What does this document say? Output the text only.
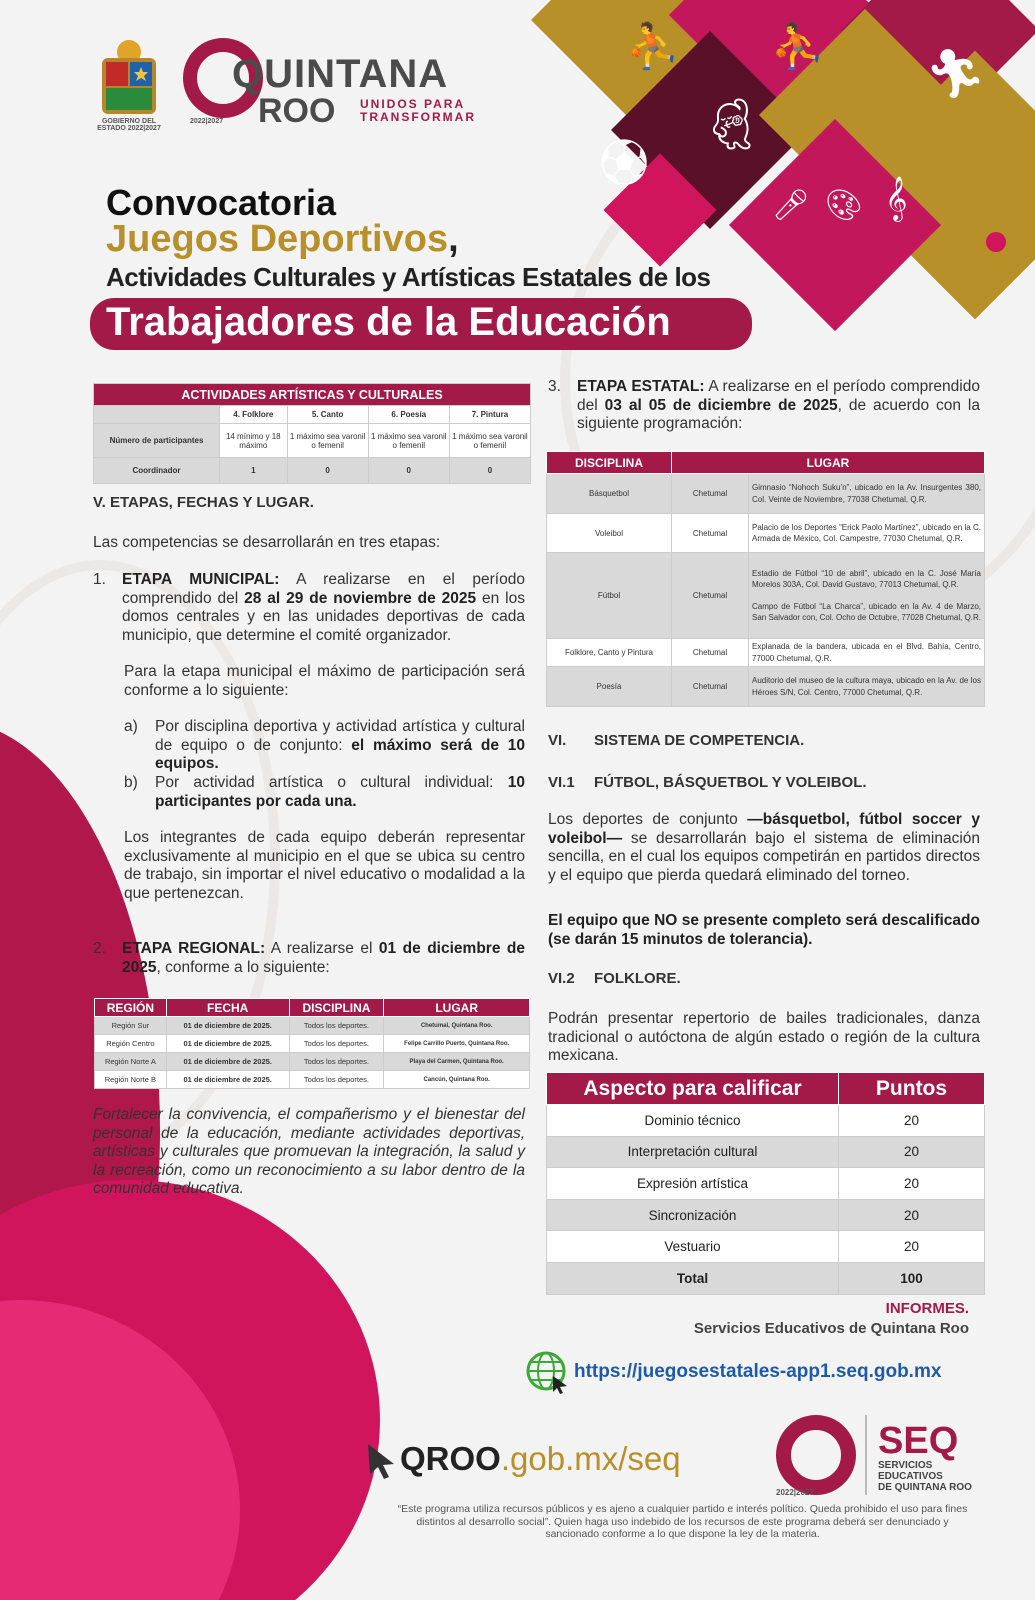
GOBIERNO DEL ESTADO 2022|2027
QUINTANA
ROO UNIDOS PARA TRANSFORMAR
2022|2027
⛹ ⛹
🏃︎
⚽︎
💃︎
🎤︎ 🎨︎ 𝄞
Convocatoria
Juegos Deportivos,
Actividades Culturales y Artísticas Estatales de los
Trabajadores de la Educación
ACTIVIDADES ARTÍSTICAS Y CULTURALES				
	4. Folklore	5. Canto	6. Poesía	7. Pintura
Número de participantes	14 mínimo y 18 máximo	1 máximo sea varonil o femenil	1 máximo sea varonil o femenil	1 máximo sea varonil o femenil
Coordinador	1	0	0	0
V. ETAPAS, FECHAS Y LUGAR.
Las competencias se desarrollarán en tres etapas:
1. ETAPA MUNICIPAL: A realizarse en el período comprendido del 28 al 29 de noviembre de 2025 en los domos centrales y en las unidades deportivas de cada municipio, que determine el comité organizador.
Para la etapa municipal el máximo de participación será conforme a lo siguiente:
a) Por disciplina deportiva y actividad artística y cultural de equipo o de conjunto: el máximo será de 10 equipos.
b) Por actividad artística o cultural individual: 10 participantes por cada una.
Los integrantes de cada equipo deberán representar exclusivamente al municipio en el que se ubica su centro de trabajo, sin importar el nivel educativo o modalidad a la que pertenezcan.
2. ETAPA REGIONAL: A realizarse el 01 de diciembre de 2025, conforme a lo siguiente:
REGIÓN	FECHA	DISCIPLINA	LUGAR
Región Sur	01 de diciembre de 2025.	Todos los deportes.	Chetumal, Quintana Roo.
Región Centro	01 de diciembre de 2025.	Todos los deportes.	Felipe Carrillo Puerto, Quintana Roo.
Región Norte A	01 de diciembre de 2025.	Todos los deportes.	Playa del Carmen, Quintana Roo.
Región Norte B	01 de diciembre de 2025.	Todos los deportes.	Cancún, Quintana Roo.
Fortalecer la convivencia, el compañerismo y el bienestar del personal de la educación, mediante actividades deportivas, artísticas y culturales que promuevan la integración, la salud y la recreación, como un reconocimiento a su labor dentro de la comunidad educativa.
3. ETAPA ESTATAL: A realizarse en el período comprendido del 03 al 05 de diciembre de 2025, de acuerdo con la siguiente programación:
DISCIPLINA	LUGAR	
Básquetbol	Chetumal	Gimnasio “Nohoch Suku’n”, ubicado en la Av. Insurgentes 380, Col. Veinte de Noviembre, 77038 Chetumal, Q.R.
Voleibol	Chetumal	Palacio de los Deportes “Erick Paolo Martínez”, ubicado en la C. Armada de México, Col. Campestre, 77030 Chetumal, Q.R.
Fútbol	Chetumal	Estadio de Fútbol “10 de abril”, ubicado en la C. José María Morelos 303A, Col. David Gustavo, 77013 Chetumal, Q.R.
Campo de Fútbol “La Charca”, ubicado en la Av. 4 de Marzo, San Salvador con, Col. Ocho de Octubre, 77028 Chetumal, Q.R.

Folklore, Canto y Pintura	Chetumal	Explanada de la bandera, ubicada en el Blvd. Bahía, Centro, 77000 Chetumal, Q.R.
Poesía	Chetumal	Auditorio del museo de la cultura maya, ubicado en la Av. de los Héroes S/N, Col. Centro, 77000 Chetumal, Q.R.
VI. SISTEMA DE COMPETENCIA.
VI.1 FÚTBOL, BÁSQUETBOL Y VOLEIBOL.
Los deportes de conjunto —básquetbol, fútbol soccer y voleibol— se desarrollarán bajo el sistema de eliminación sencilla, en el cual los equipos competirán en partidos directos y el equipo que pierda quedará eliminado del torneo.
El equipo que NO se presente completo será descalificado (se darán 15 minutos de tolerancia).
VI.2 FOLKLORE.
Podrán presentar repertorio de bailes tradicionales, danza tradicional o autóctona de algún estado o región de la cultura mexicana.
Aspecto para calificar	Puntos
Dominio técnico	20
Interpretación cultural	20
Expresión artística	20
Sincronización	20
Vestuario	20
Total	100
INFORMES.
Servicios Educativos de Quintana Roo
https://juegosestatales-app1.seq.gob.mx
QROO.gob.mx/seq
2022|2027
SEQ
SERVICIOS
EDUCATIVOS
DE QUINTANA ROO
“Este programa utiliza recursos públicos y es ajeno a cualquier partido e interés político. Queda prohibido el uso para fines distintos al desarrollo social”. Quien haga uso indebido de los recursos de este programa deberá ser denunciado y sancionado conforme a lo que dispone la ley de la materia.
